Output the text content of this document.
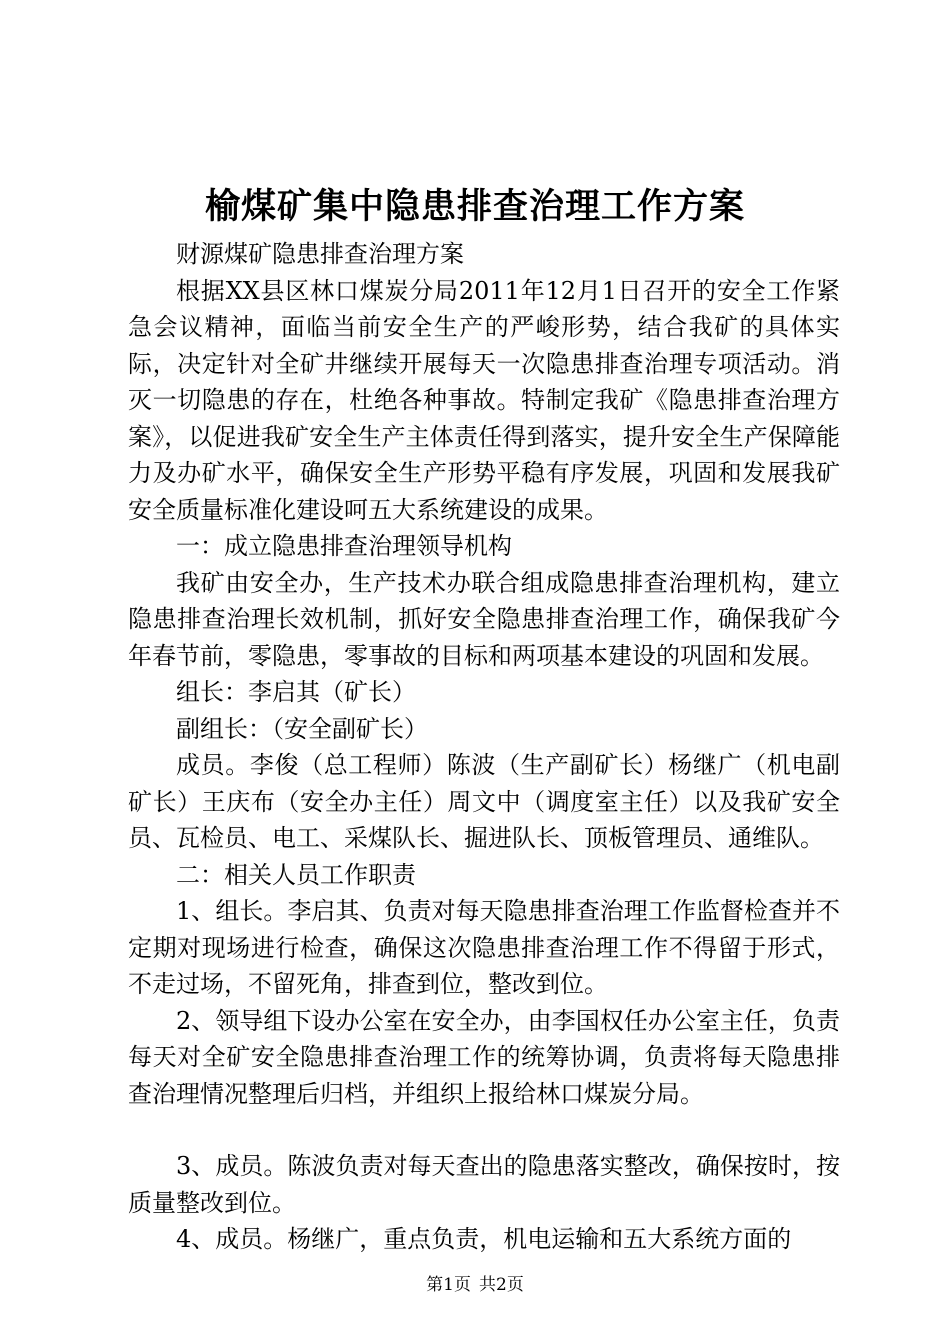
榆煤矿集中隐患排查治理工作方案

财源煤矿隐患排查治理方案

根据XX县区林口煤炭分局2011年12月1日召开的安全工作紧急会议精神，面临当前安全生产的严峻形势，结合我矿的具体实际，决定针对全矿井继续开展每天一次隐患排查治理专项活动。消灭一切隐患的存在，杜绝各种事故。特制定我矿《隐患排查治理方案》，以促进我矿安全生产主体责任得到落实，提升安全生产保障能力及办矿水平，确保安全生产形势平稳有序发展，巩固和发展我矿安全质量标准化建设呵五大系统建设的成果。

一：成立隐患排查治理领导机构

我矿由安全办，生产技术办联合组成隐患排查治理机构，建立隐患排查治理长效机制，抓好安全隐患排查治理工作，确保我矿今年春节前，零隐患，零事故的目标和两项基本建设的巩固和发展。

组长：李启其（矿长）

副组长：（安全副矿长）

成员。李俊（总工程师）陈波（生产副矿长）杨继广（机电副矿长）王庆布（安全办主任）周文中（调度室主任）以及我矿安全员、瓦检员、电工、采煤队长、掘进队长、顶板管理员、通维队。

二：相关人员工作职责

1、组长。李启其、负责对每天隐患排查治理工作监督检查并不定期对现场进行检查，确保这次隐患排查治理工作不得留于形式，不走过场，不留死角，排查到位，整改到位。

2、领导组下设办公室在安全办，由李国权任办公室主任，负责每天对全矿安全隐患排查治理工作的统筹协调，负责将每天隐患排查治理情况整理后归档，并组织上报给林口煤炭分局。

3、成员。陈波负责对每天查出的隐患落实整改，确保按时，按质量整改到位。

4、成员。杨继广，重点负责，机电运输和五大系统方面的

第1页 共2页
